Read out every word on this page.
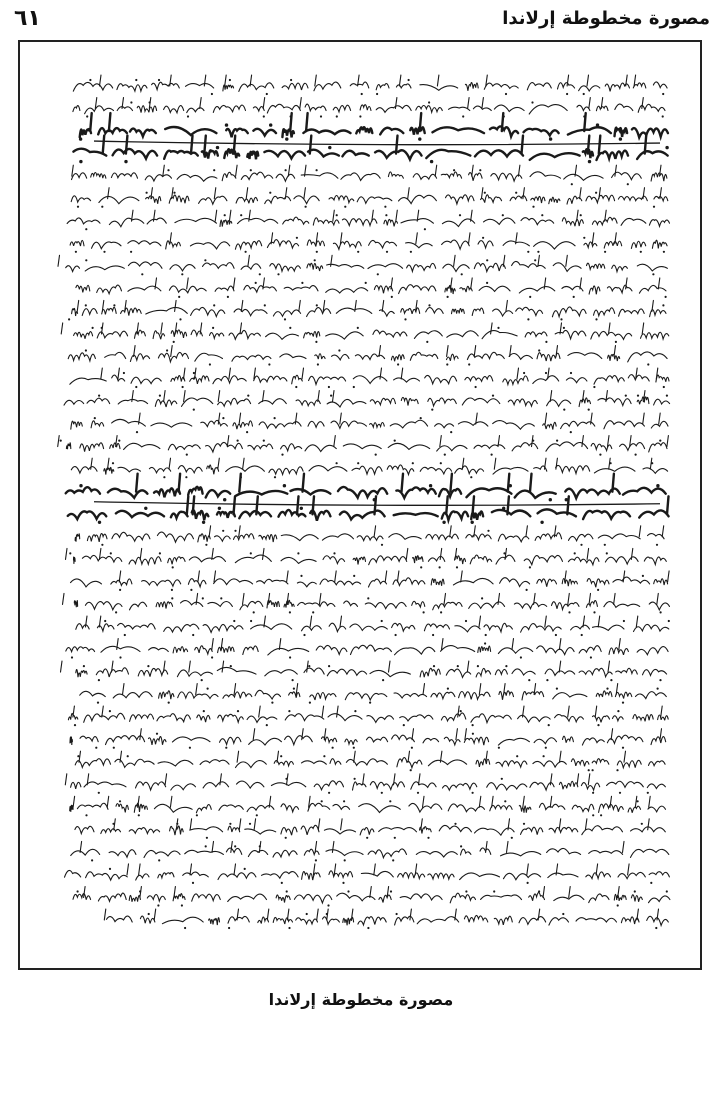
٦١	مصورة مخطوطة إرلاندا
مصورة مخطوطة إرلاندا
